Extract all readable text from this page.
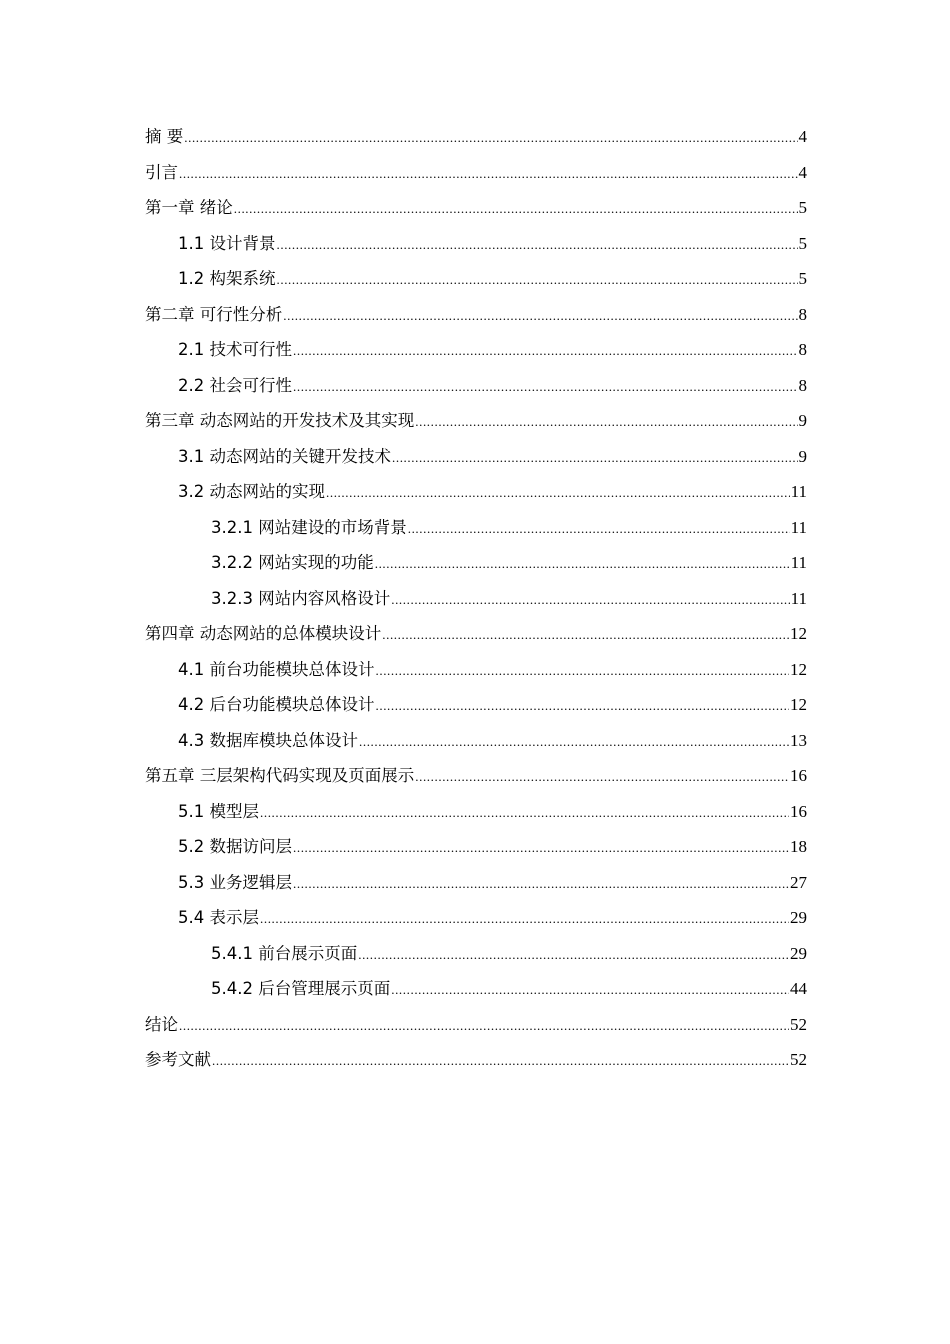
摘 要 .....	4
引言 .....	4
第一章 绪论 .....	5
1.1 设计背景 .....	5
1.2 构架系统 .....	5
第二章 可行性分析 .....	8
2.1 技术可行性 .....	8
2.2 社会可行性 .....	8
第三章 动态网站的开发技术及其实现 .....	9
3.1 动态网站的关键开发技术 .....	9
3.2 动态网站的实现 .....	11
3.2.1 网站建设的市场背景 .....	11
3.2.2 网站实现的功能 .....	11
3.2.3 网站内容风格设计 .....	11
第四章 动态网站的总体模块设计 .....	12
4.1 前台功能模块总体设计 .....	12
4.2 后台功能模块总体设计 .....	12
4.3 数据库模块总体设计 .....	13
第五章 三层架构代码实现及页面展示 .....	16
5.1 模型层 .....	16
5.2 数据访问层 .....	18
5.3 业务逻辑层 .....	27
5.4 表示层 .....	29
5.4.1 前台展示页面 .....	29
5.4.2 后台管理展示页面 .....	44
结论 .....	52
参考文献 .....	52
